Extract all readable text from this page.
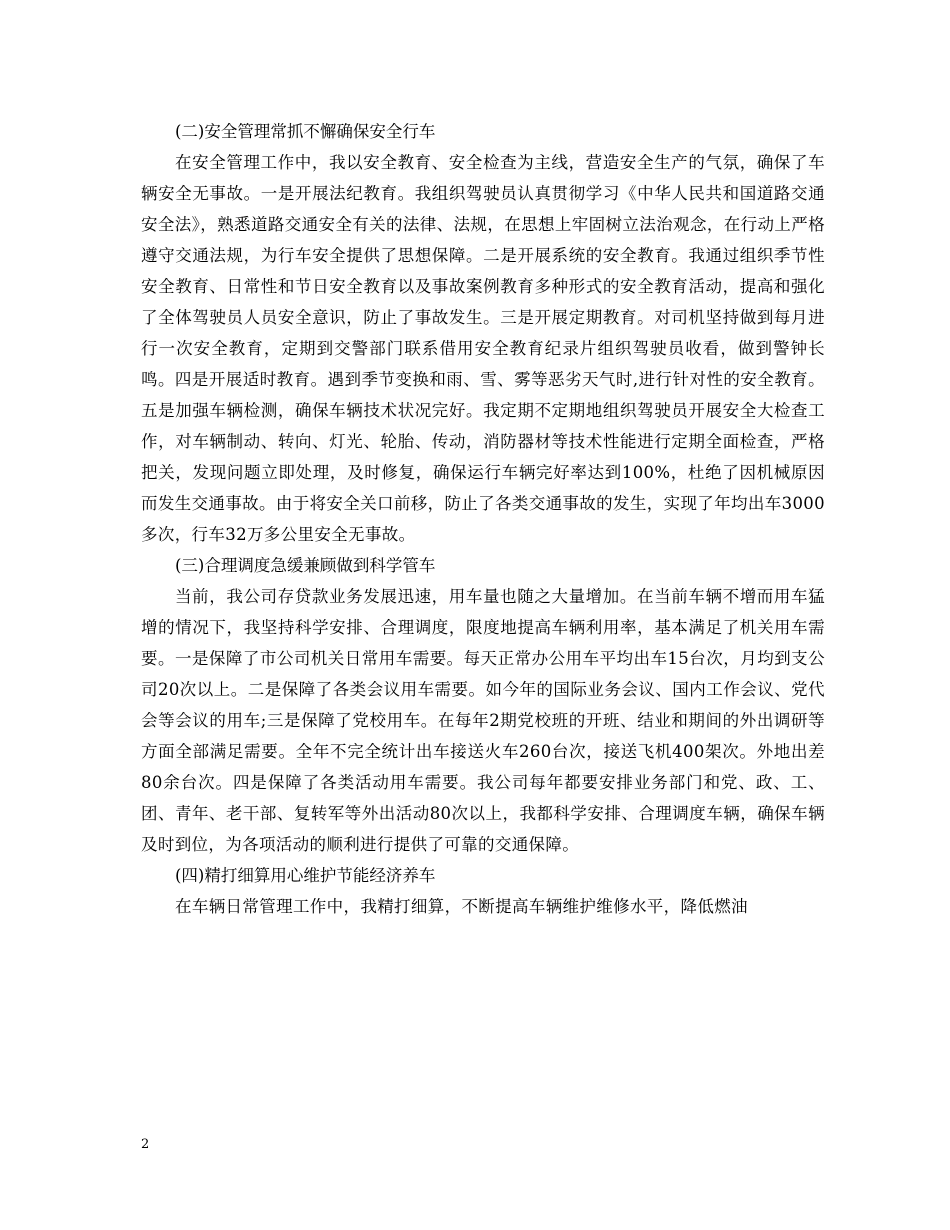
(二)安全管理常抓不懈确保安全行车

在安全管理工作中，我以安全教育、安全检查为主线，营造安全生产的气氛，确保了车辆安全无事故。一是开展法纪教育。我组织驾驶员认真贯彻学习《中华人民共和国道路交通安全法》，熟悉道路交通安全有关的法律、法规，在思想上牢固树立法治观念，在行动上严格遵守交通法规，为行车安全提供了思想保障。二是开展系统的安全教育。我通过组织季节性安全教育、日常性和节日安全教育以及事故案例教育多种形式的安全教育活动，提高和强化了全体驾驶员人员安全意识，防止了事故发生。三是开展定期教育。对司机坚持做到每月进行一次安全教育，定期到交警部门联系借用安全教育纪录片组织驾驶员收看，做到警钟长鸣。四是开展适时教育。遇到季节变换和雨、雪、雾等恶劣天气时,进行针对性的安全教育。五是加强车辆检测，确保车辆技术状况完好。我定期不定期地组织驾驶员开展安全大检查工作，对车辆制动、转向、灯光、轮胎、传动，消防器材等技术性能进行定期全面检查，严格把关，发现问题立即处理，及时修复，确保运行车辆完好率达到100%，杜绝了因机械原因而发生交通事故。由于将安全关口前移，防止了各类交通事故的发生，实现了年均出车3000多次，行车32万多公里安全无事故。

(三)合理调度急缓兼顾做到科学管车

当前，我公司存贷款业务发展迅速，用车量也随之大量增加。在当前车辆不增而用车猛增的情况下，我坚持科学安排、合理调度，限度地提高车辆利用率，基本满足了机关用车需要。一是保障了市公司机关日常用车需要。每天正常办公用车平均出车15台次，月均到支公司20次以上。二是保障了各类会议用车需要。如今年的国际业务会议、国内工作会议、党代会等会议的用车;三是保障了党校用车。在每年2期党校班的开班、结业和期间的外出调研等方面全部满足需要。全年不完全统计出车接送火车260台次，接送飞机400架次。外地出差80余台次。四是保障了各类活动用车需要。我公司每年都要安排业务部门和党、政、工、团、青年、老干部、复转军等外出活动80次以上，我都科学安排、合理调度车辆，确保车辆及时到位，为各项活动的顺利进行提供了可靠的交通保障。

(四)精打细算用心维护节能经济养车

在车辆日常管理工作中，我精打细算，不断提高车辆维护维修水平，降低燃油

2
